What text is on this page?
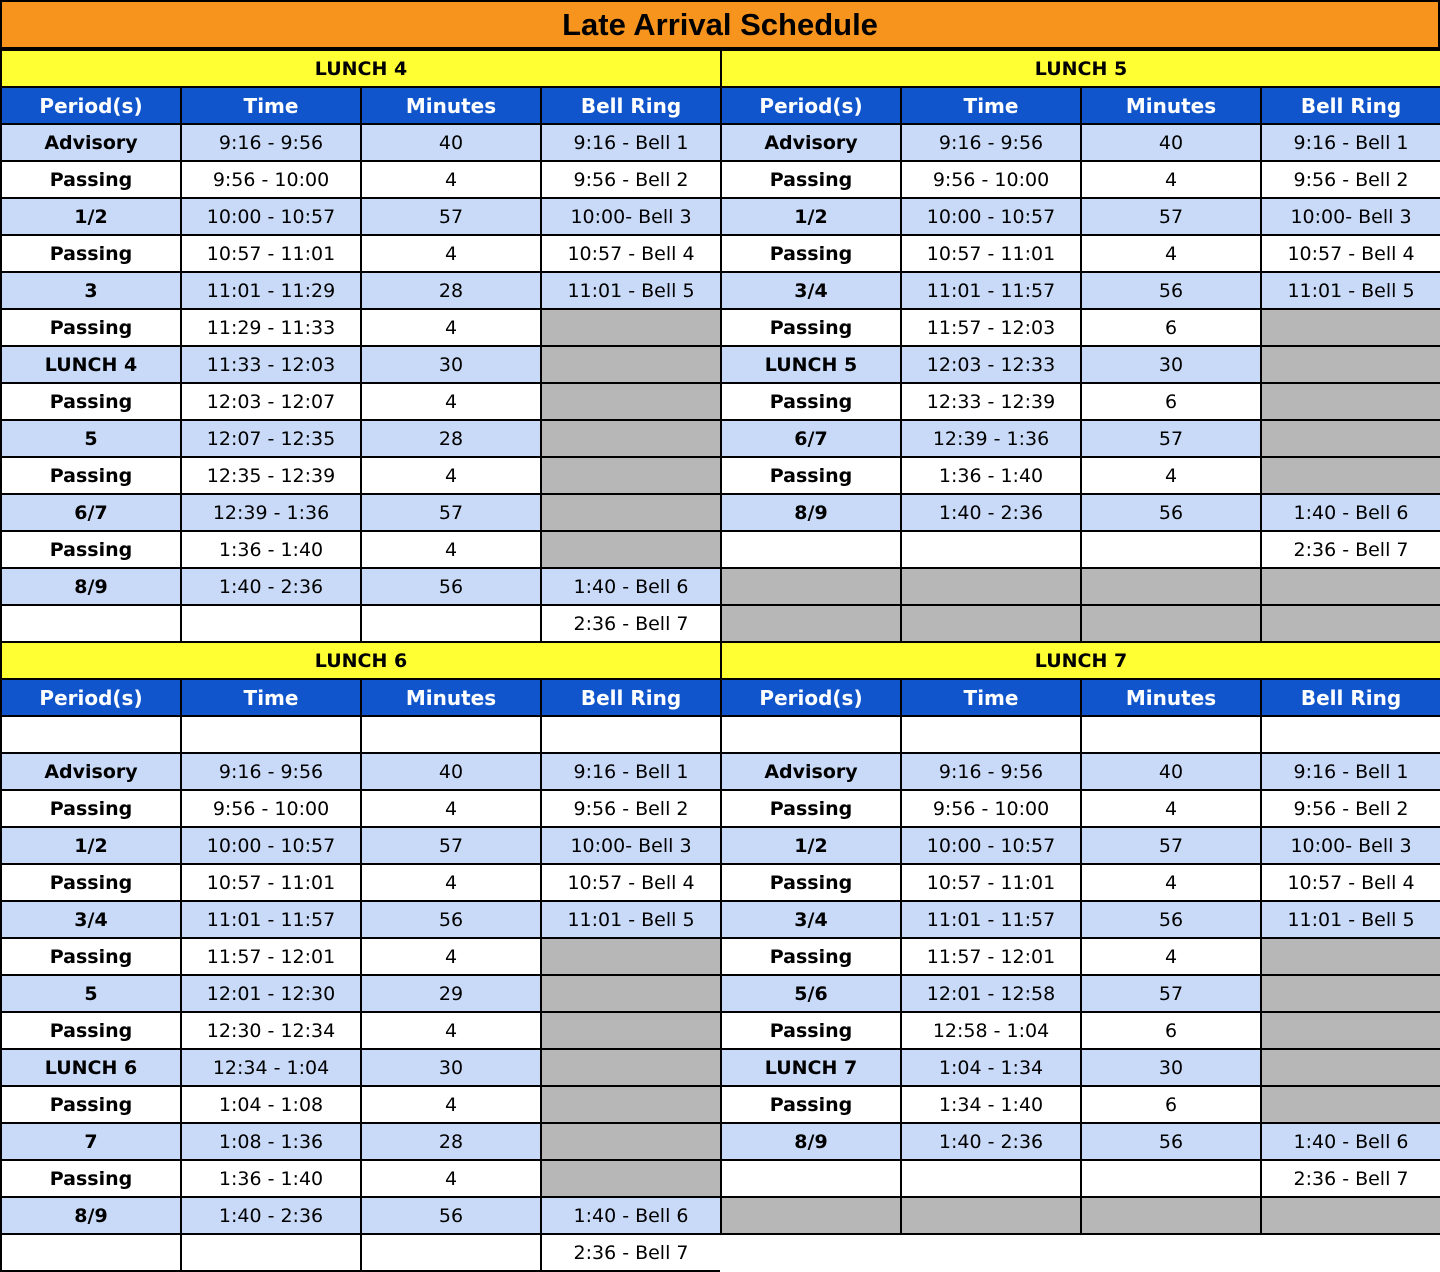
Late Arrival Schedule
LUNCH 4
Period(s)	Time	Minutes	Bell Ring
Advisory	9:16 - 9:56	40	9:16 - Bell 1
Passing	9:56 - 10:00	4	9:56 - Bell 2
1/2	10:00 - 10:57	57	10:00- Bell 3
Passing	10:57 - 11:01	4	10:57 - Bell 4
3	11:01 - 11:29	28	11:01 - Bell 5
Passing	11:29 - 11:33	4
LUNCH 4	11:33 - 12:03	30
Passing	12:03 - 12:07	4
5	12:07 - 12:35	28
Passing	12:35 - 12:39	4
6/7	12:39 - 1:36	57
Passing	1:36 - 1:40	4
8/9	1:40 - 2:36	56	1:40 - Bell 6
2:36 - Bell 7
LUNCH 5
Period(s)	Time	Minutes	Bell Ring
Advisory	9:16 - 9:56	40	9:16 - Bell 1
Passing	9:56 - 10:00	4	9:56 - Bell 2
1/2	10:00 - 10:57	57	10:00- Bell 3
Passing	10:57 - 11:01	4	10:57 - Bell 4
3/4	11:01 - 11:57	56	11:01 - Bell 5
Passing	11:57 - 12:03	6
LUNCH 5	12:03 - 12:33	30
Passing	12:33 - 12:39	6
6/7	12:39 - 1:36	57
Passing	1:36 - 1:40	4
8/9	1:40 - 2:36	56	1:40 - Bell 6
2:36 - Bell 7
LUNCH 6
Period(s)	Time	Minutes	Bell Ring
Advisory	9:16 - 9:56	40	9:16 - Bell 1
Passing	9:56 - 10:00	4	9:56 - Bell 2
1/2	10:00 - 10:57	57	10:00- Bell 3
Passing	10:57 - 11:01	4	10:57 - Bell 4
3/4	11:01 - 11:57	56	11:01 - Bell 5
Passing	11:57 - 12:01	4
5	12:01 - 12:30	29
Passing	12:30 - 12:34	4
LUNCH 6	12:34 - 1:04	30
Passing	1:04 - 1:08	4
7	1:08 - 1:36	28
Passing	1:36 - 1:40	4
8/9	1:40 - 2:36	56	1:40 - Bell 6
2:36 - Bell 7
LUNCH 7
Period(s)	Time	Minutes	Bell Ring
Advisory	9:16 - 9:56	40	9:16 - Bell 1
Passing	9:56 - 10:00	4	9:56 - Bell 2
1/2	10:00 - 10:57	57	10:00- Bell 3
Passing	10:57 - 11:01	4	10:57 - Bell 4
3/4	11:01 - 11:57	56	11:01 - Bell 5
Passing	11:57 - 12:01	4
5/6	12:01 - 12:58	57
Passing	12:58 - 1:04	6
LUNCH 7	1:04 - 1:34	30
Passing	1:34 - 1:40	6
8/9	1:40 - 2:36	56	1:40 - Bell 6
2:36 - Bell 7
